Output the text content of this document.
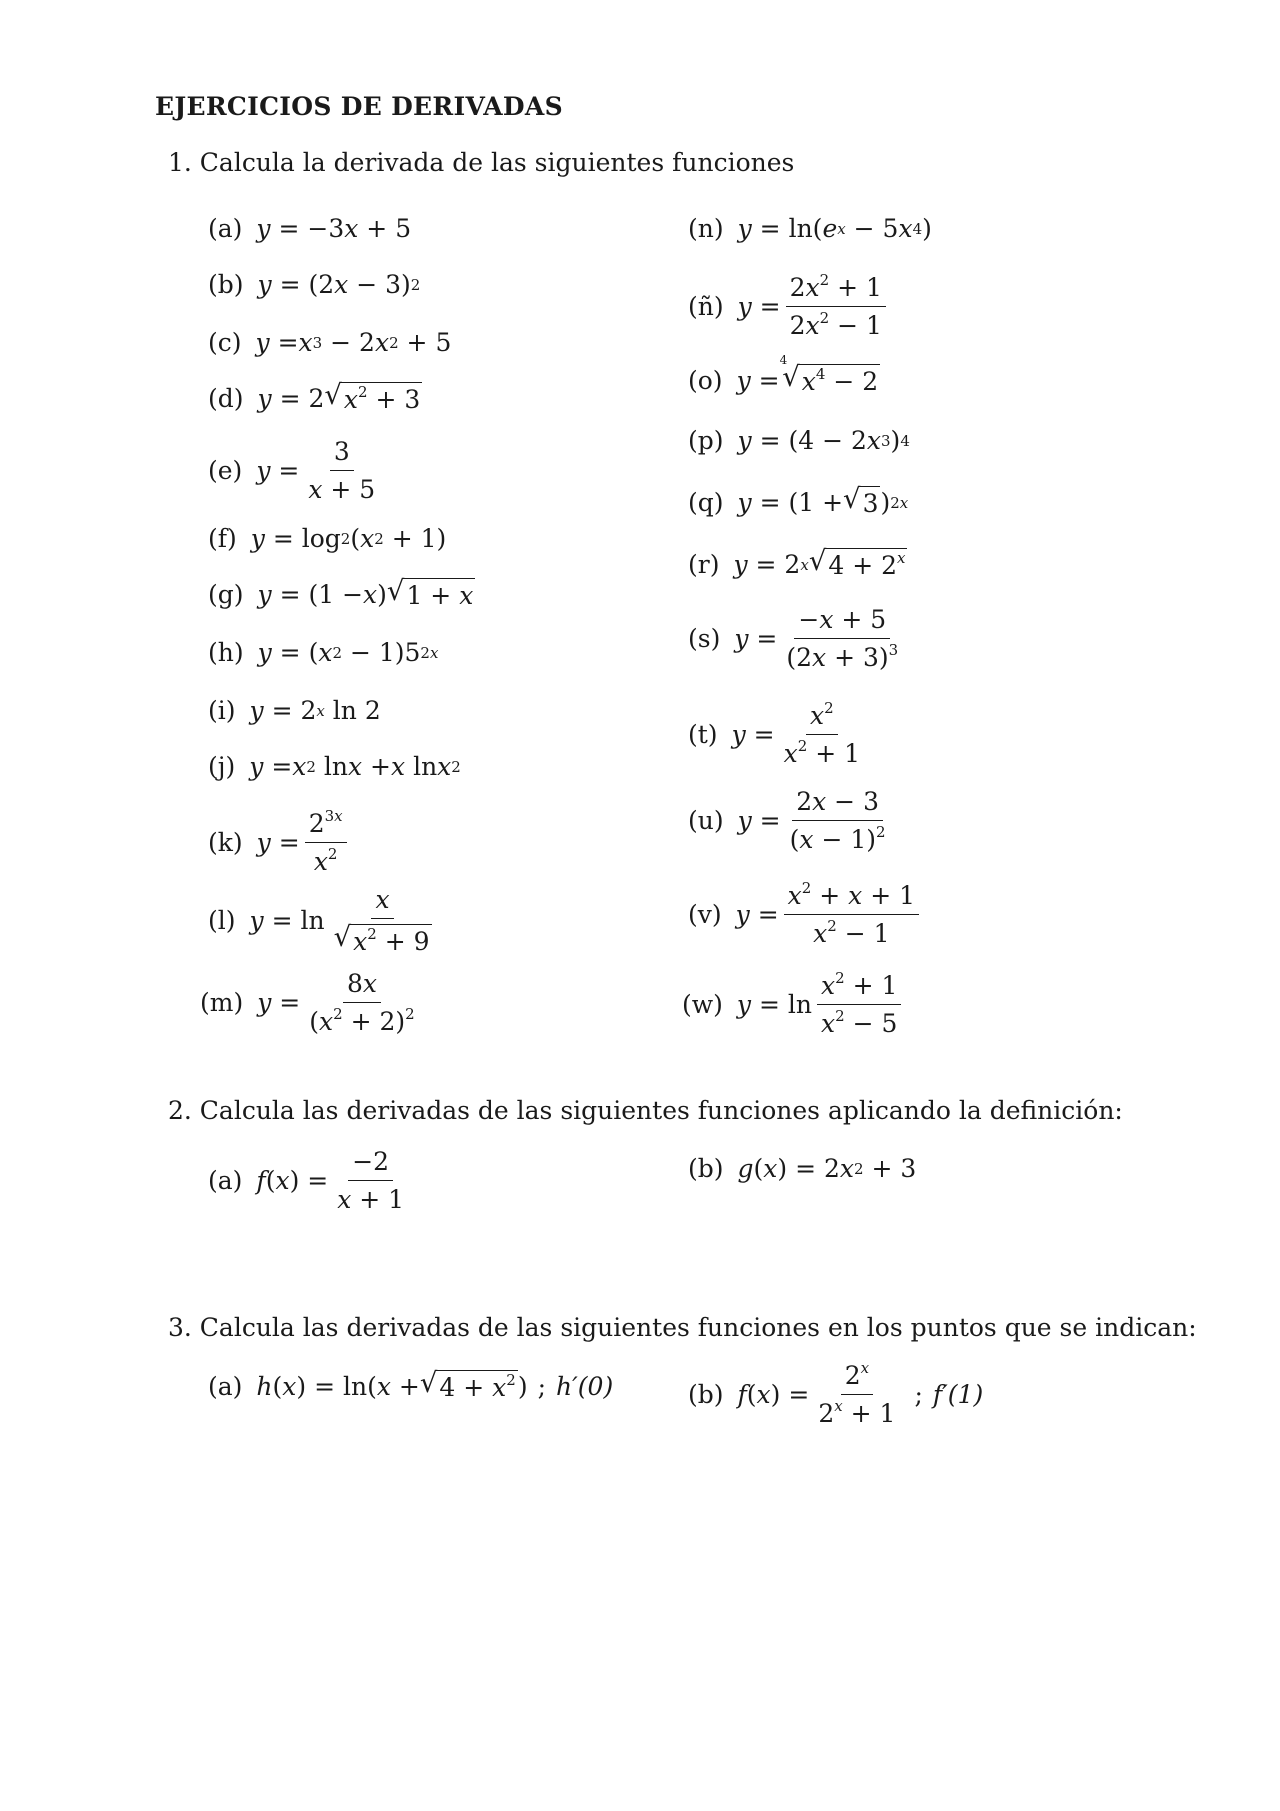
EJERCICIOS DE DERIVADAS
1. Calcula la derivada de las siguientes funciones
(a) y = −3 x + 5
(b) y = (2 x − 3) 2
(c) y = x 3 − 2 x 2 + 5
(d) y = 2 √ $x^2 + 3$
(e) $y = \frac{3}{x + 5}$
(f) y = log 2 ( x 2 + 1)
(g) y = (1 − x ) √ 1 + x
(h) y = ( x 2 − 1)5 2x
(i) y = 2 x ln 2
(j) y = x 2 ln x + x ln x 2
(k) $y = \frac{2^{3x}}{x^2}$
(l) $y = \ln \frac{x}{√ x^2 + 9}$
(m) $y = \frac{8x}{(x^2 + 2)^2}$
(n) y = ln( e x − 5 x 4 )
(ñ) $y = \frac{2x^2 + 1}{2x^2 - 1}$
(o) y =
4
√ $x^4 - 2$
(p) y = (4 − 2 x 3 ) 4
(q) y = (1 + √ 3 ) 2x
(r) y = 2 x √ $4 + 2^x$
(s) $y = \frac{-x + 5}{(2x + 3)^3}$
(t) $y = \frac{x^2}{x^2 + 1}$
(u) $y = \frac{2x - 3}{(x - 1)^2}$
(v) $y = \frac{x^2 + x + 1}{x^2 - 1}$
(w) $y = \ln \frac{x^2 + 1}{x^2 - 5}$
2. Calcula las derivadas de las siguientes funciones aplicando la definición:
(a) f ( x ) = $\frac{-2}{x + 1}$	(b) g ( x ) = 2 x 2 + 3
3. Calcula las derivadas de las siguientes funciones en los puntos que se indican:
(a) h ( x ) = ln( x + √ $4 + x^2$ )
; h′(0)	(b) f ( x ) = $\frac{2^x}{2^x + 1}$ ; f′(1)
